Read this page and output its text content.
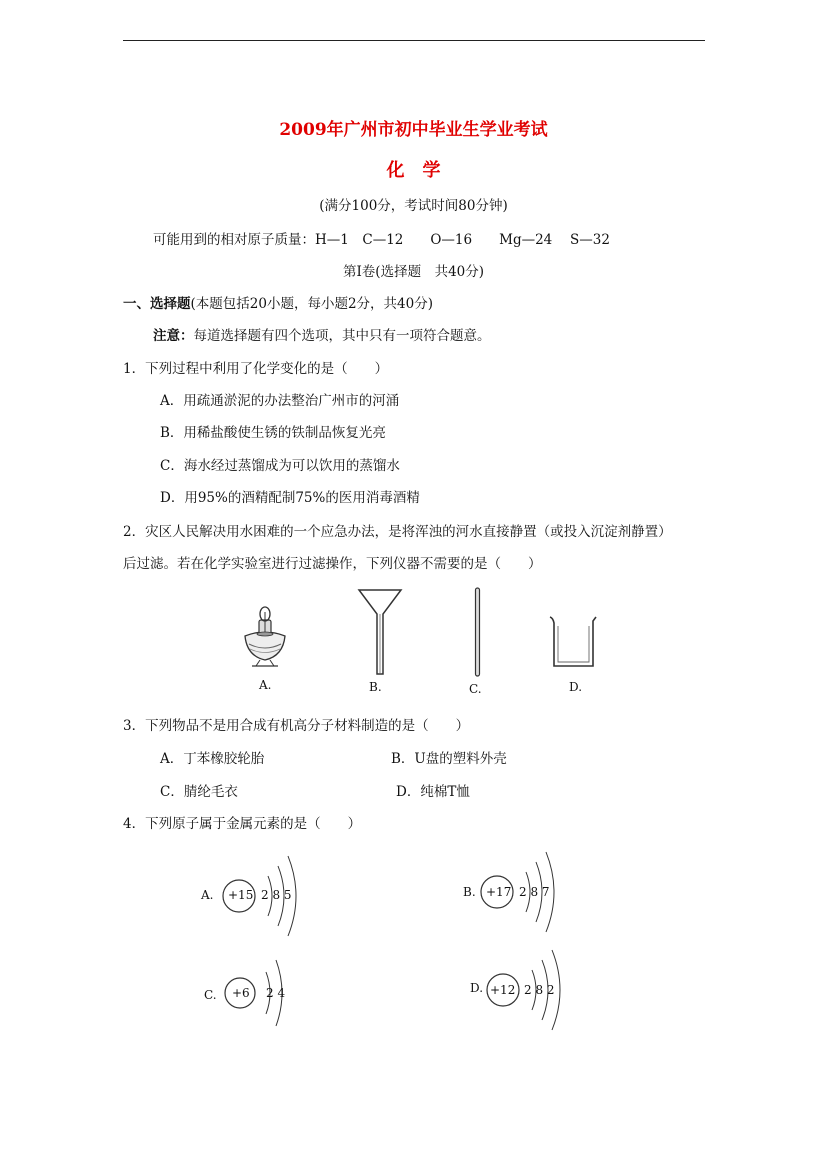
2009年广州市初中毕业生学业考试
化　学
(满分100分，考试时间80分钟)
可能用到的相对原子质量：H—1　C—12　　O—16　　Mg—24　 S—32
第Ⅰ卷(选择题　共40分)
一、选择题(本题包括20小题，每小题2分，共40分)
注意：每道选择题有四个选项，其中只有一项符合题意。
1．下列过程中利用了化学变化的是（　　）
A．用疏通淤泥的办法整治广州市的河涌
B．用稀盐酸使生锈的铁制品恢复光亮
C．海水经过蒸馏成为可以饮用的蒸馏水
D．用95%的酒精配制75%的医用消毒酒精
2．灾区人民解决用水困难的一个应急办法，是将浑浊的河水直接静置（或投入沉淀剂静置）
后过滤。若在化学实验室进行过滤操作，下列仪器不需要的是（　　）
A.	B.	C.	D.
3．下列物品不是用合成有机高分子材料制造的是（　　）
A．丁苯橡胶轮胎	B．U盘的塑料外壳
C．腈纶毛衣	D．纯棉T恤
4．下列原子属于金属元素的是（　　）
A. +15 2 8 5	B. +17 2 8 7
C. +6 2 4	D. +12 2 8 2
